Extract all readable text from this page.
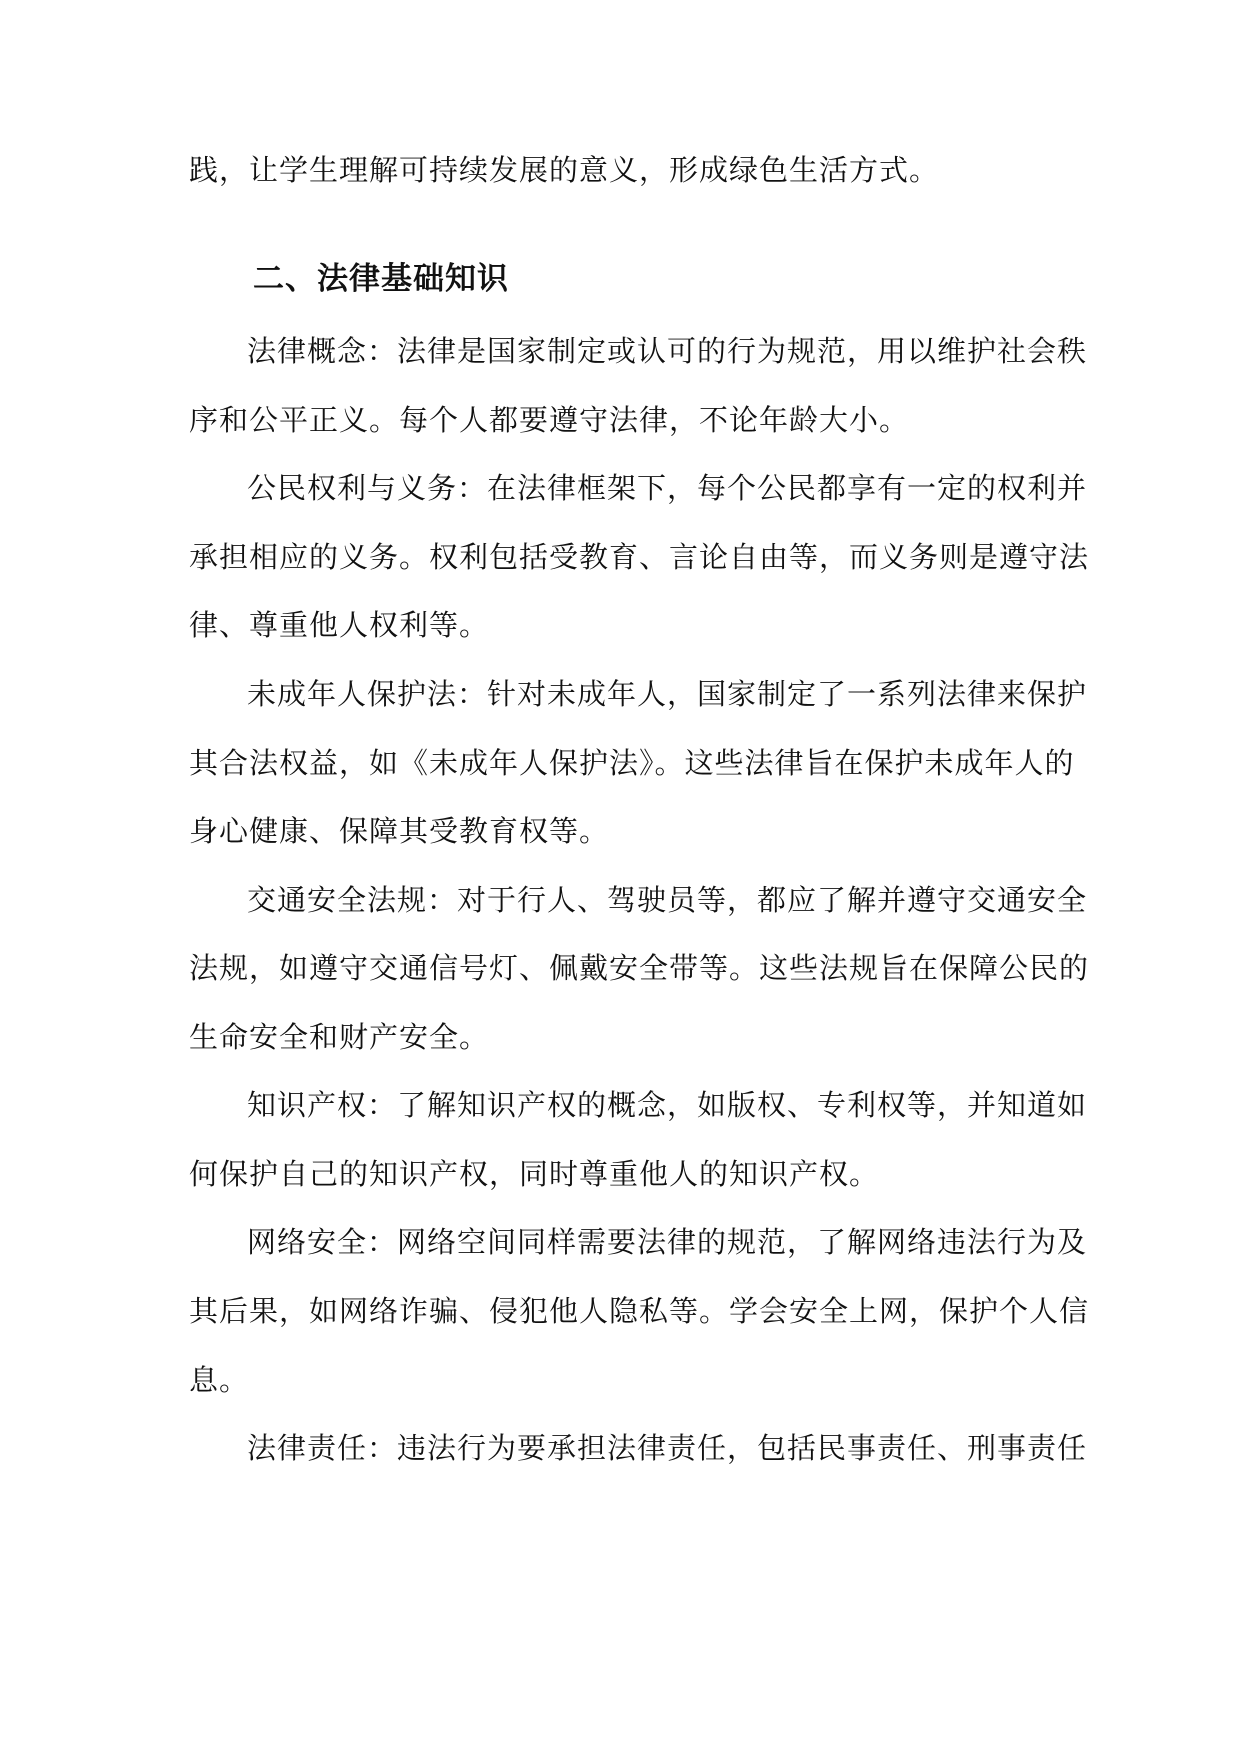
践，让学生理解可持续发展的意义，形成绿色生活方式。
二、法律基础知识
法律概念：法律是国家制定或认可的行为规范，用以维护社会秩
序和公平正义。每个人都要遵守法律，不论年龄大小。
公民权利与义务：在法律框架下，每个公民都享有一定的权利并
承担相应的义务。权利包括受教育、言论自由等，而义务则是遵守法
律、尊重他人权利等。
未成年人保护法：针对未成年人，国家制定了一系列法律来保护
其合法权益，如《未成年人保护法》。这些法律旨在保护未成年人的
身心健康、保障其受教育权等。
交通安全法规：对于行人、驾驶员等，都应了解并遵守交通安全
法规，如遵守交通信号灯、佩戴安全带等。这些法规旨在保障公民的
生命安全和财产安全。
知识产权：了解知识产权的概念，如版权、专利权等，并知道如
何保护自己的知识产权，同时尊重他人的知识产权。
网络安全：网络空间同样需要法律的规范，了解网络违法行为及
其后果，如网络诈骗、侵犯他人隐私等。学会安全上网，保护个人信
息。
法律责任：违法行为要承担法律责任，包括民事责任、刑事责任
